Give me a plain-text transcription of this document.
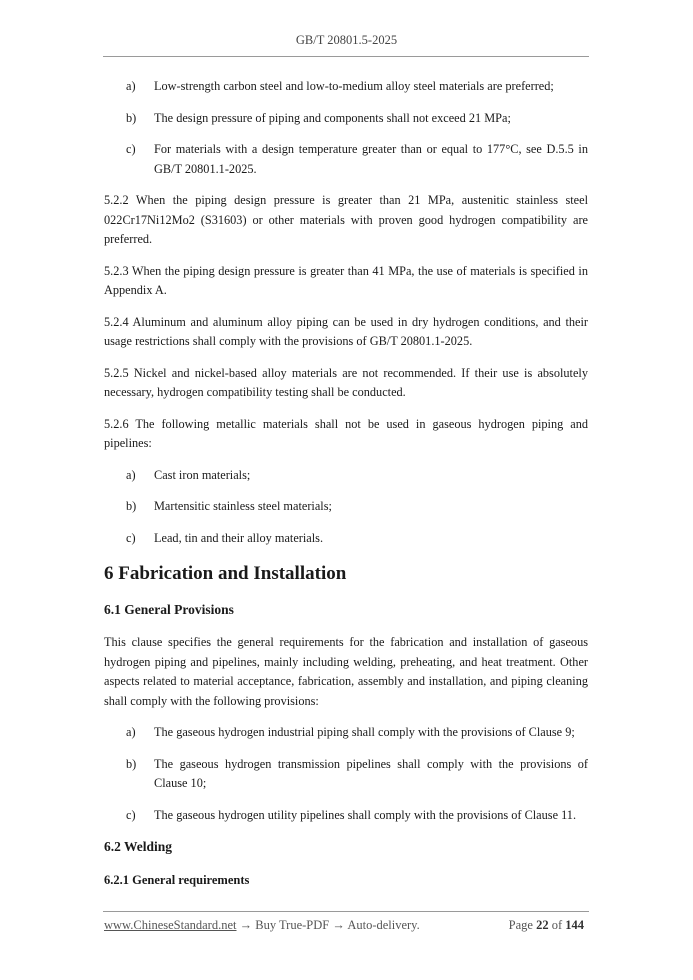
GB/T 20801.5-2025
a)	Low-strength carbon steel and low-to-medium alloy steel materials are preferred;
b)	The design pressure of piping and components shall not exceed 21 MPa;
c)	For materials with a design temperature greater than or equal to 177°C, see D.5.5 in GB/T 20801.1-2025.

5.2.2 When the piping design pressure is greater than 21 MPa, austenitic stainless steel 022Cr17Ni12Mo2 (S31603) or other materials with proven good hydrogen compatibility are preferred.

5.2.3 When the piping design pressure is greater than 41 MPa, the use of materials is specified in Appendix A.

5.2.4 Aluminum and aluminum alloy piping can be used in dry hydrogen conditions, and their usage restrictions shall comply with the provisions of GB/T 20801.1-2025.

5.2.5 Nickel and nickel-based alloy materials are not recommended. If their use is absolutely necessary, hydrogen compatibility testing shall be conducted.

5.2.6 The following metallic materials shall not be used in gaseous hydrogen piping and pipelines:

a)	Cast iron materials;
b)	Martensitic stainless steel materials;
c)	Lead, tin and their alloy materials.
6 Fabrication and Installation
6.1 General Provisions

This clause specifies the general requirements for the fabrication and installation of gaseous hydrogen piping and pipelines, mainly including welding, preheating, and heat treatment. Other aspects related to material acceptance, fabrication, assembly and installation, and piping cleaning shall comply with the following provisions:

a)	The gaseous hydrogen industrial piping shall comply with the provisions of Clause 9;
b)	The gaseous hydrogen transmission pipelines shall comply with the provisions of Clause 10;
c)	The gaseous hydrogen utility pipelines shall comply with the provisions of Clause 11.
6.2 Welding
6.2.1 General requirements
www.ChineseStandard.net → Buy True-PDF → Auto-delivery.	Page 22 of 144
